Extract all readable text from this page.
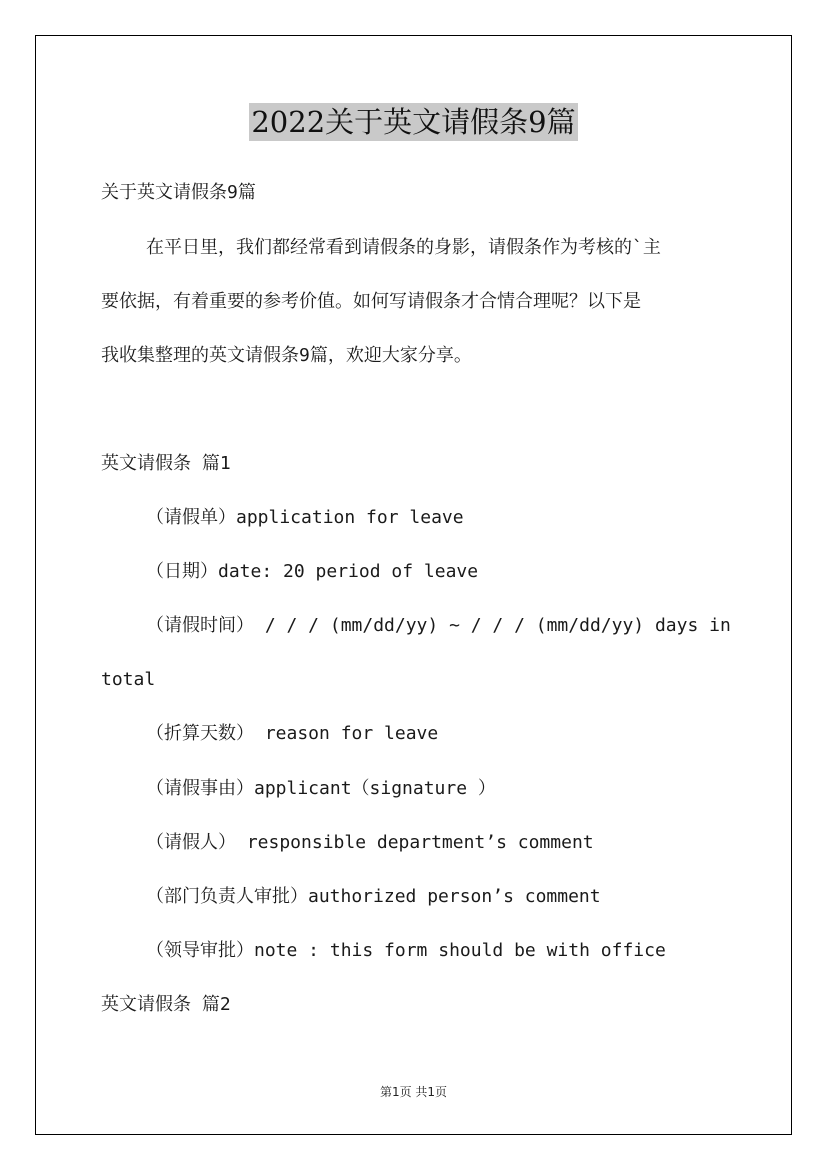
2022关于英文请假条9篇
关于英文请假条9篇
在平日里，我们都经常看到请假条的身影，请假条作为考核的`主
要依据，有着重要的参考价值。如何写请假条才合情合理呢？以下是
我收集整理的英文请假条9篇，欢迎大家分享。
英文请假条 篇1
（请假单）application for leave
（日期）date: 20 period of leave
（请假时间） / / / (mm/dd/yy) ~ / / / (mm/dd/yy) days in
total
（折算天数） reason for leave
（请假事由）applicant（signature ）
（请假人） responsible department’s comment
（部门负责人审批）authorized person’s comment
（领导审批）note : this form should be with office
英文请假条 篇2
第1页 共1页
